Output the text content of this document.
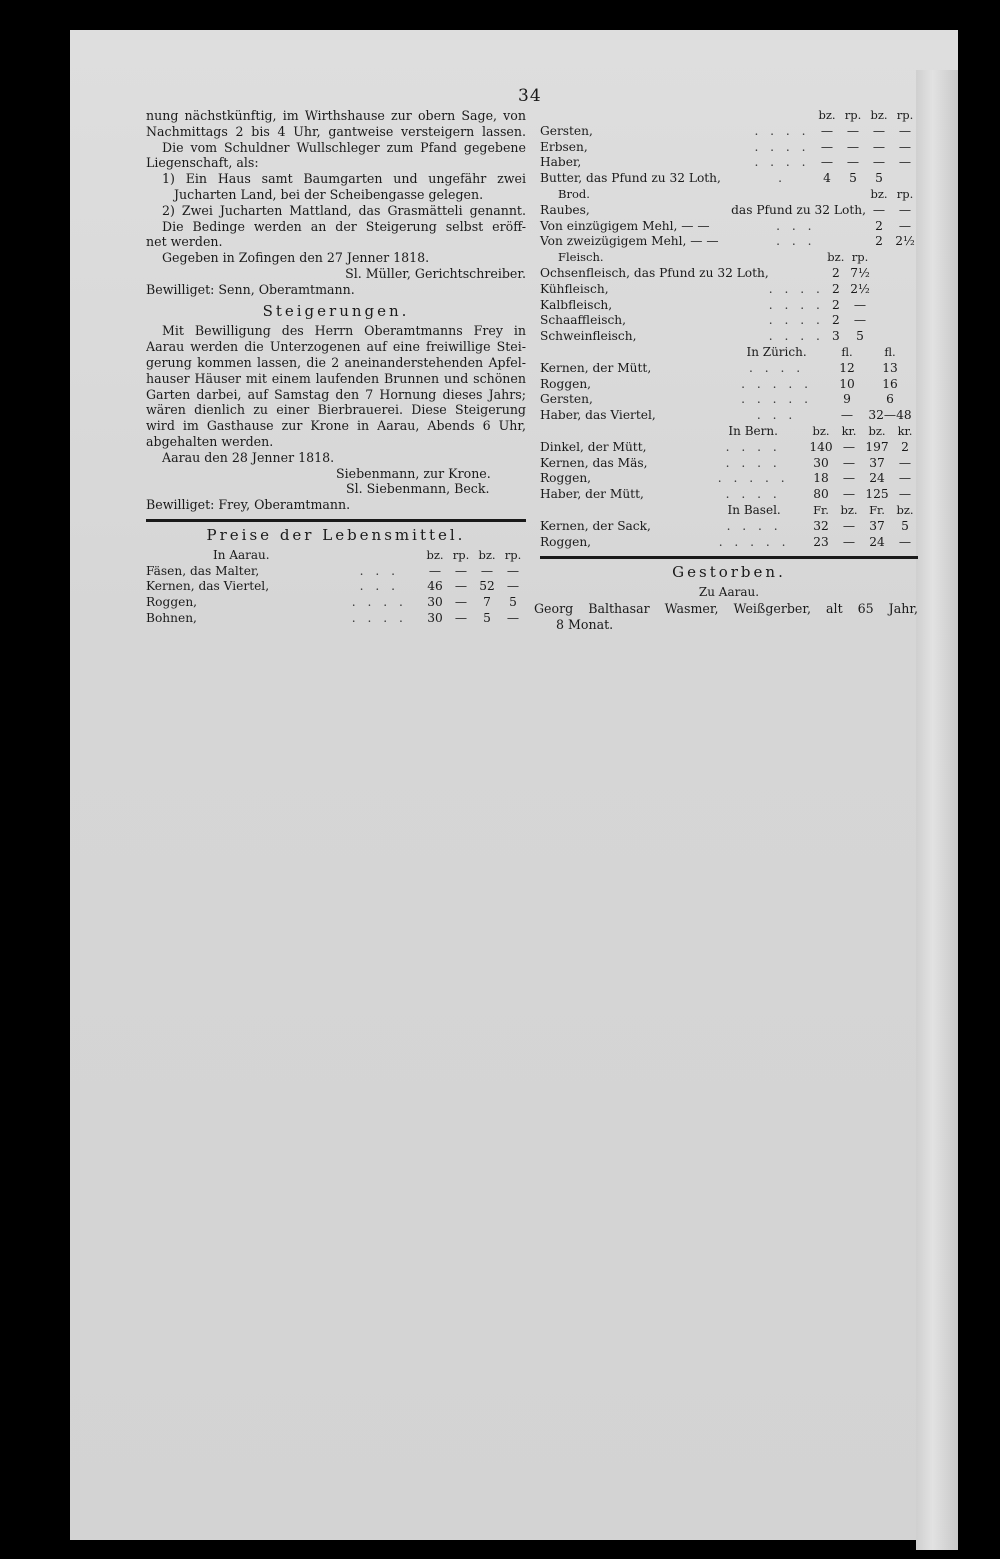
34
nung nächstkünftig, im Wirthshause zur obern Sage, von
Nachmittags 2 bis 4 Uhr, gantweise versteigern lassen.
Die vom Schuldner Wullschleger zum Pfand gegebene
Liegenschaft, als:
1) Ein Haus samt Baumgarten und ungefähr zwei
Jucharten Land, bei der Scheibengasse gelegen.
2) Zwei Jucharten Mattland, das Grasmätteli genannt.
Die Bedinge werden an der Steigerung selbst eröff-
net werden.
Gegeben in Zofingen den 27 Jenner 1818.
Sl. Müller, Gerichtschreiber.
Bewilliget: Senn, Oberamtmann.
Steigerungen.
Mit Bewilligung des Herrn Oberamtmanns Frey in
Aarau werden die Unterzogenen auf eine freiwillige Stei-
gerung kommen lassen, die 2 aneinanderstehenden Apfel-
hauser Häuser mit einem laufenden Brunnen und schönen
Garten darbei, auf Samstag den 7 Hornung dieses Jahrs;
wären dienlich zu einer Bierbrauerei. Diese Steigerung
wird im Gasthause zur Krone in Aarau, Abends 6 Uhr,
abgehalten werden.
Aarau den 28 Jenner 1818.
Siebenmann, zur Krone.
Sl. Siebenmann, Beck.
Bewilliget: Frey, Oberamtmann.
Preise der Lebensmittel.
In Aarau.		bz.	rp.	bz.	rp.
Fäsen, das Malter,	. . .	—	—	—	—
Kernen, das Viertel,	. . .	46	—	52	—
Roggen,	. . . .	30	—	7	5
Bohnen,	. . . .	30	—	5	—
		bz.	rp.	bz.	rp.
Gersten,	. . . .	—	—	—	—
Erbsen,	. . . .	—	—	—	—
Haber,	. . . .	—	—	—	—
Butter, das Pfund zu 32 Loth,	.	4	5	5	
Brod.		bz.	rp.
Raubes,	das Pfund zu 32 Loth,	—	—
Von einzügigem Mehl, — —	. . .	2	—
Von zweizügigem Mehl, — —	. . .	2	2½
Fleisch.		bz.	rp.	
Ochsenfleisch, das Pfund zu 32 Loth,		2	7½	
Kühfleisch,	. . . .	2	2½	
Kalbfleisch,	. . . .	2	—	
Schaaffleisch,	. . . .	2	—	
Schweinfleisch,	. . . .	3	5	
	In Zürich.	fl.	fl.
Kernen, der Mütt,	. . . .	12	13
Roggen,	. . . . .	10	16
Gersten,	. . . . .	9	6
Haber, das Viertel,	. . .	—	32—48
	In Bern.	bz.	kr.	bz.	kr.
Dinkel, der Mütt,	. . . .	140	—	197	2
Kernen, das Mäs,	. . . .	30	—	37	—
Roggen,	. . . . .	18	—	24	—
Haber, der Mütt,	. . . .	80	—	125	—
	In Basel.	Fr.	bz.	Fr.	bz.
Kernen, der Sack,	. . . .	32	—	37	5
Roggen,	. . . . .	23	—	24	—
Gestorben.
Zu Aarau.
Georg Balthasar Wasmer, Weißgerber, alt 65 Jahr,
8 Monat.
